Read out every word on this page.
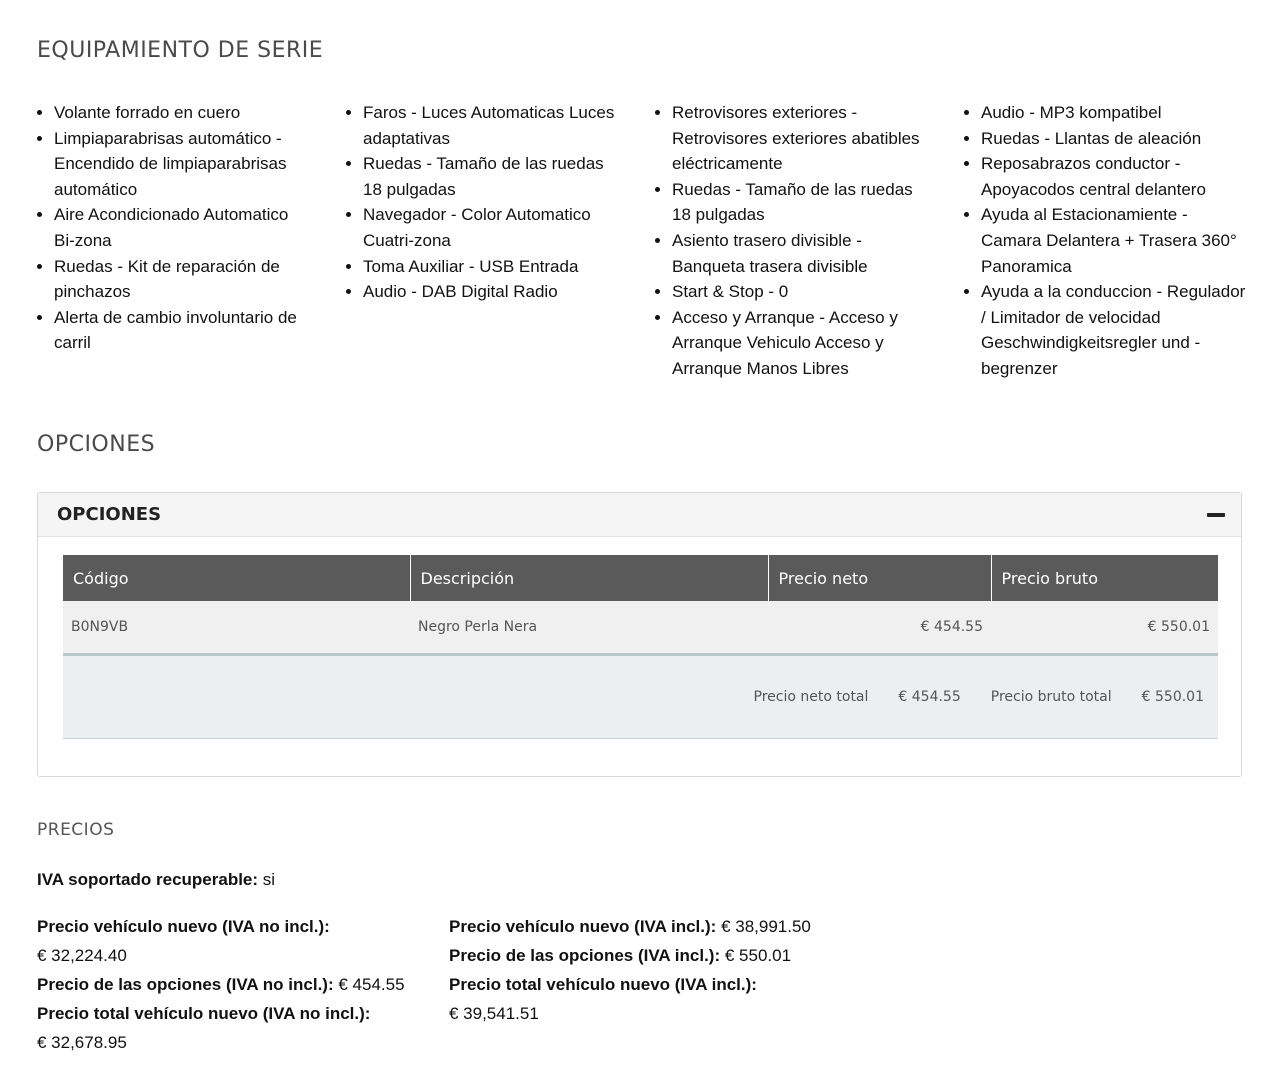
EQUIPAMIENTO DE SERIE
• Volante forrado en cuero
• Limpiaparabrisas automático - Encendido de limpiaparabrisas automático
• Aire Acondicionado Automatico Bi-zona
• Ruedas - Kit de reparación de pinchazos
• Alerta de cambio involuntario de carril
• Faros - Luces Automaticas Luces adaptativas
• Ruedas - Tamaño de las ruedas 18 pulgadas
• Navegador - Color Automatico Cuatri-zona
• Toma Auxiliar - USB Entrada
• Audio - DAB Digital Radio
• Retrovisores exteriores - Retrovisores exteriores abatibles eléctricamente
• Ruedas - Tamaño de las ruedas 18 pulgadas
• Asiento trasero divisible - Banqueta trasera divisible
• Start & Stop - 0
• Acceso y Arranque - Acceso y Arranque Vehiculo Acceso y Arranque Manos Libres
• Audio - MP3 kompatibel
• Ruedas - Llantas de aleación
• Reposabrazos conductor - Apoyacodos central delantero
• Ayuda al Estacionamiente - Camara Delantera + Trasera 360° Panoramica
• Ayuda a la conduccion - Regulador / Limitador de velocidad Geschwindigkeitsregler und -begrenzer
OPCIONES
OPCIONES
Código	Descripción	Precio neto	Precio bruto
B0N9VB	Negro Perla Nera	€ 454.55	€ 550.01

Precio neto total € 454.55 Precio bruto total € 550.01			
PRECIOS
IVA soportado recuperable: si

Precio vehículo nuevo (IVA no incl.):
€ 32,224.40

Precio de las opciones (IVA no incl.): € 454.55

Precio total vehículo nuevo (IVA no incl.):
€ 32,678.95

Precio vehículo nuevo (IVA incl.): € 38,991.50

Precio de las opciones (IVA incl.): € 550.01

Precio total vehículo nuevo (IVA incl.):
€ 39,541.51
